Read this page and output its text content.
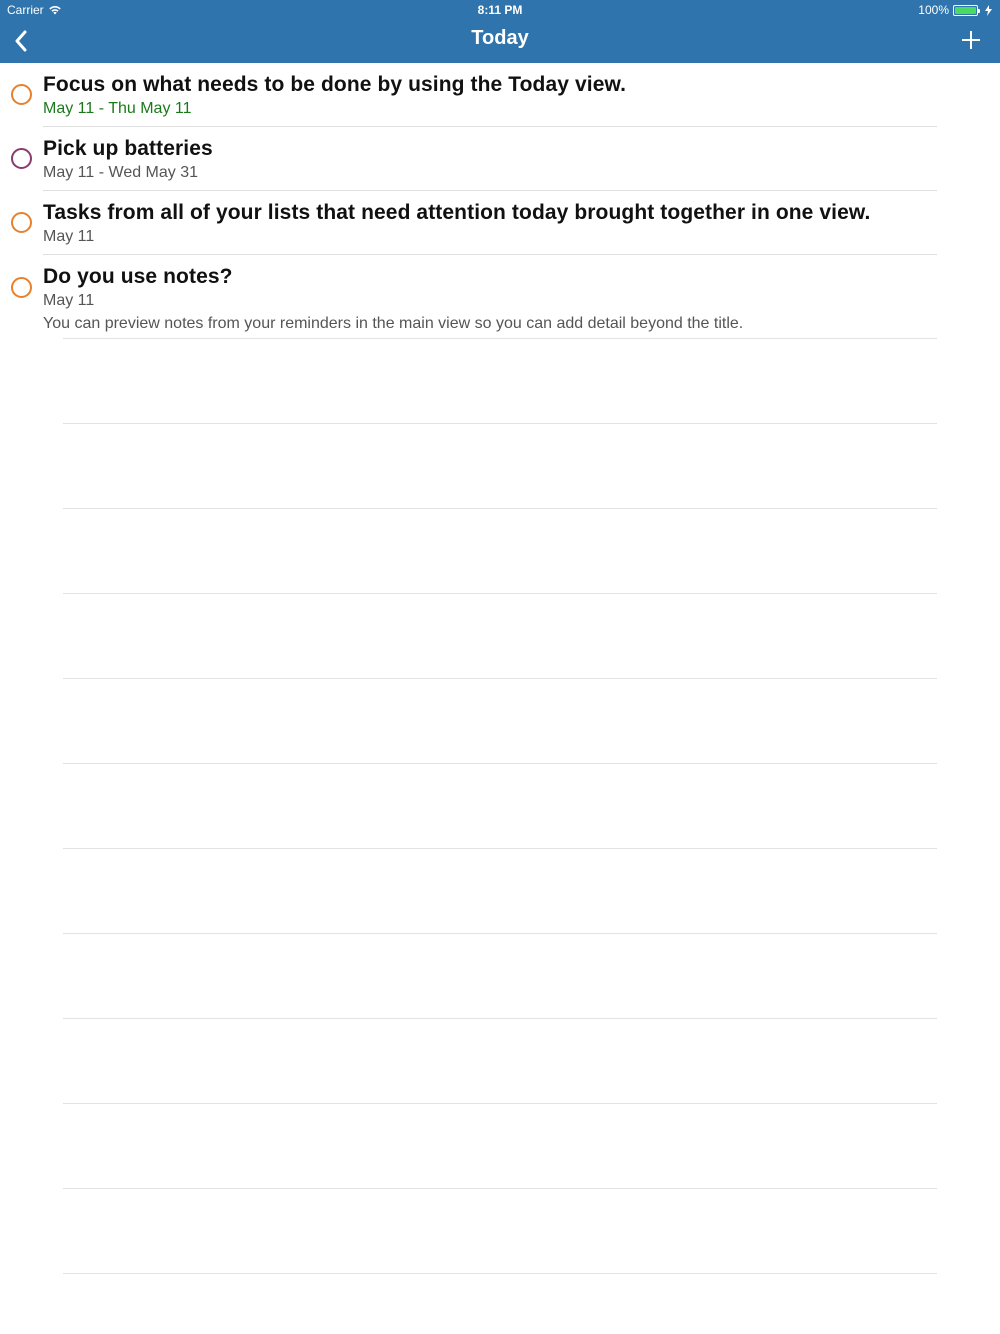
Carrier	8:11 PM	100%
Today
Focus on what needs to be done by using the Today view.
May 11 - Thu May 11
Pick up batteries
May 11 - Wed May 31
Tasks from all of your lists that need attention today brought together in one view.
May 11
Do you use notes?
May 11
You can preview notes from your reminders in the main view so you can add detail beyond the title.
